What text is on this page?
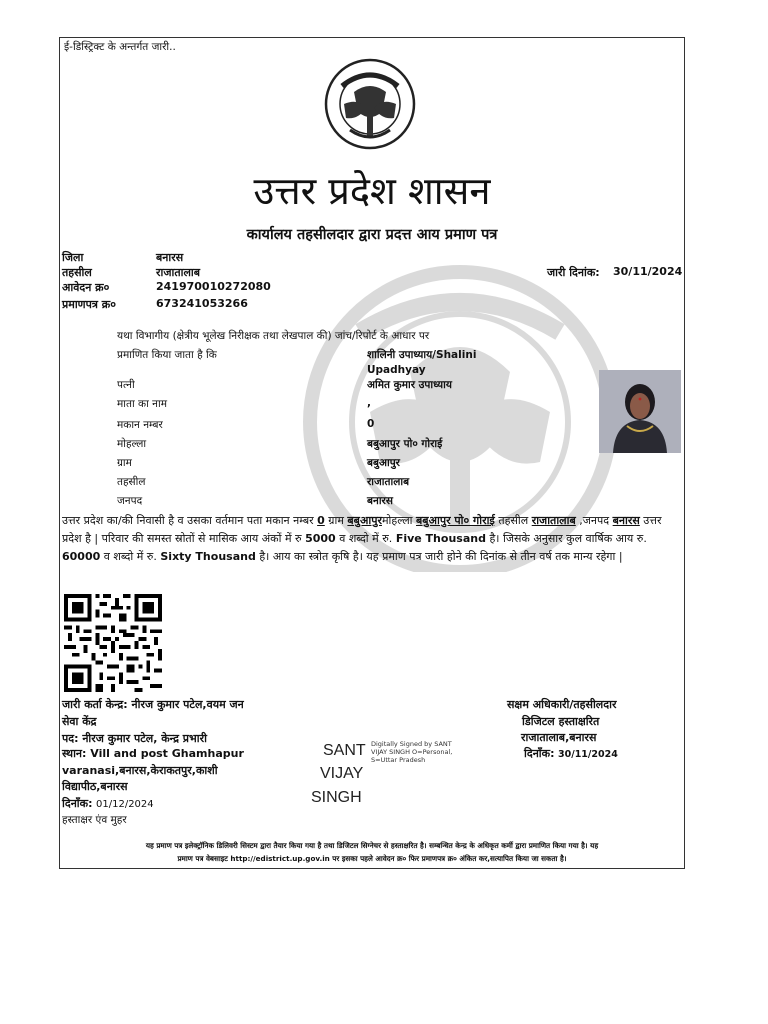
ई-डिस्ट्रिक्ट के अन्तर्गत जारी..
उत्तर प्रदेश शासन
कार्यालय तहसीलदार द्वारा प्रदत्त आय प्रमाण पत्र
जिला	बनारस
तहसील	राजातालाब
आवेदन क्र०	241970010272080
प्रमाणपत्र क्र०	673241053266
जारी दिनांक: 30/11/2024
यथा विभागीय (क्षेत्रीय भूलेख निरीक्षक तथा लेखपाल की) जांच/रिपोर्ट के आधार पर
प्रमाणित किया जाता है कि	शालिनी उपाध्याय/Shalini
Upadhyay
पत्नी	अमित कुमार उपाध्याय
माता का नाम	,
मकान नम्बर	0
मोहल्ला	बबुआपुर पो० गोराई
ग्राम	बबुआपुर
तहसील	राजातालाब
जनपद	बनारस
उत्तर प्रदेश का/की निवासी है व उसका वर्तमान पता मकान नम्बर 0 ग्राम बबुआपुरमोहल्ला बबुआपुर पो० गोराई तहसील राजातालाब ,जनपद बनारस उत्तर प्रदेश है | परिवार की समस्त स्रोतों से मासिक आय अंकों में रु 5000 व शब्दो में रु. Five Thousand है। जिसके अनुसार कुल वार्षिक आय रु. 60000 व शब्दो में रु. Sixty Thousand है। आय का स्त्रोत कृषि है। यह प्रमाण पत्र जारी होने की दिनांक से तीन वर्ष तक मान्य रहेगा |
जारी कर्ता केन्द्र: नीरज कुमार पटेल,वयम जन
सेवा केंद्र
पद: नीरज कुमार पटेल, केन्द्र प्रभारी
स्थान: Vill and post Ghamhapur
varanasi,बनारस,केराकतपुर,काशी
विद्यापीठ,बनारस
दिनाँक: 01/12/2024
हस्ताक्षर एंव मुहर
SANT
VIJAY
SINGH
Digitally Signed by SANT VIJAY SINGH O=Personal, S=Uttar Pradesh
सक्षम अधिकारी/तहसीलदार
डिजिटल हस्ताक्षरित
राजातालाब,बनारस
दिनाँक: 30/11/2024
यह प्रमाण पत्र इलेक्ट्रॉनिक डिलिवरी सिस्टम द्वारा तैयार किया गया है तथा डिजिटल सिग्नेचर से हस्ताक्षरित है। सम्बन्धित केन्द्र के अधिकृत कर्मी द्वारा प्रमाणित किया गया है। यह
प्रमाण पत्र वेबसाइट http://edistrict.up.gov.in पर इसका पहले आवेदन क्र० फिर प्रमाणपत्र क्र० अंकित कर,सत्यापित किया जा सकता है।
